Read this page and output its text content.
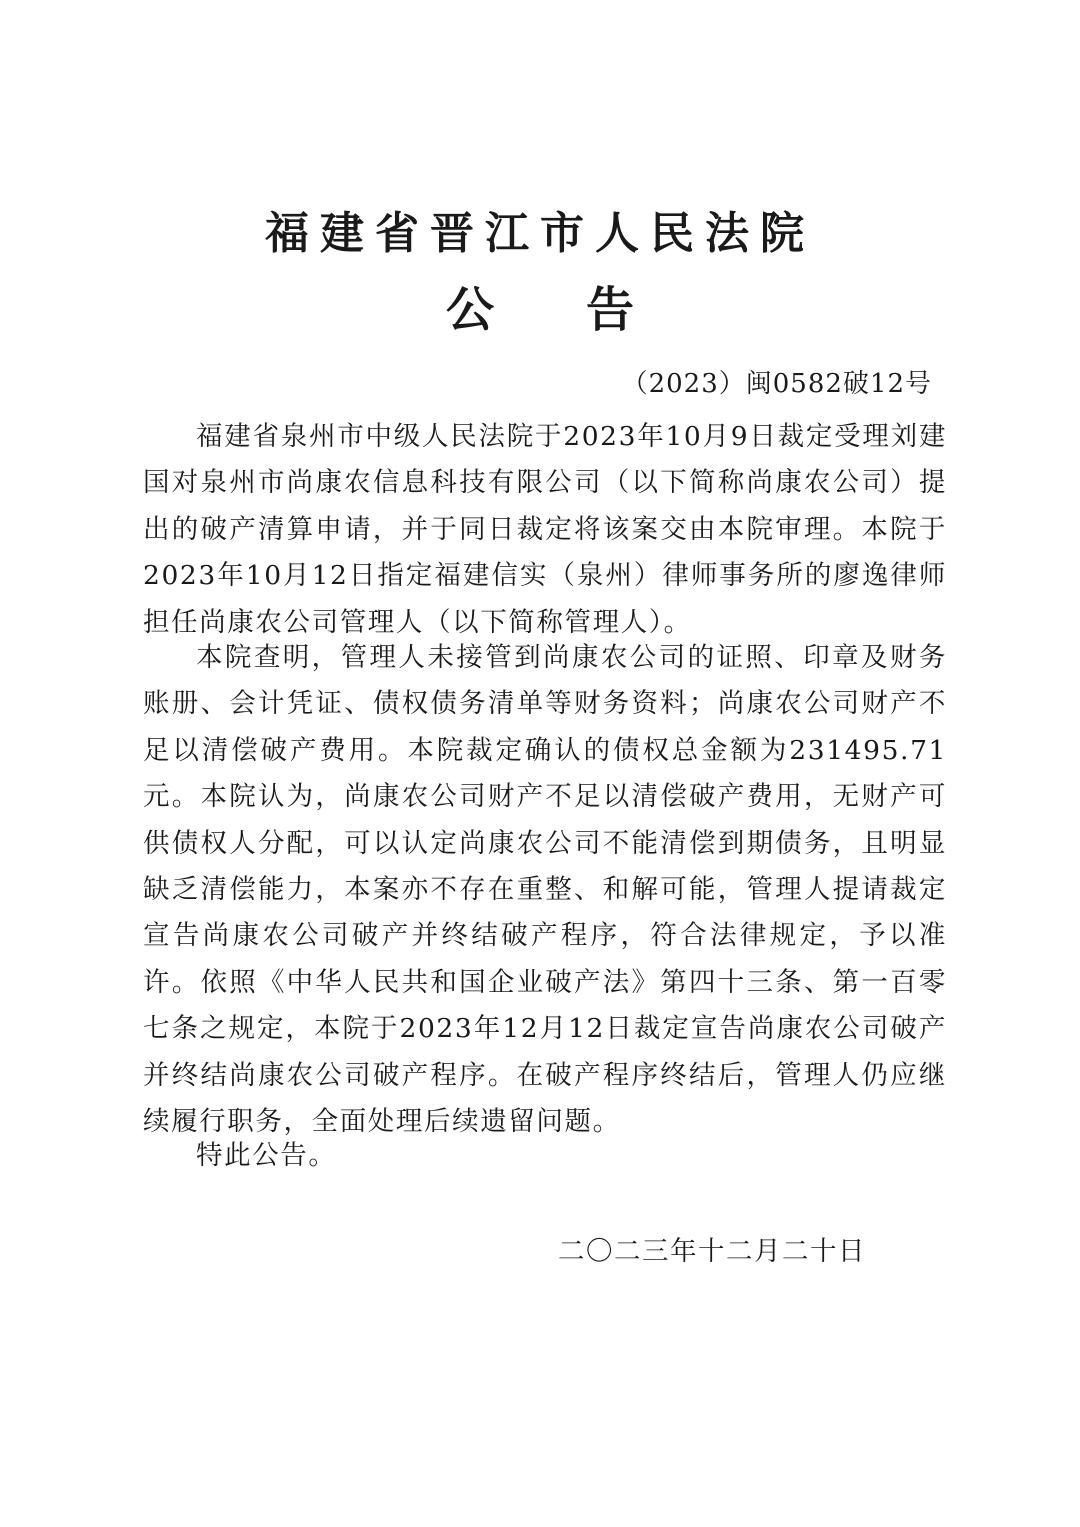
福建省晋江市人民法院
公 告

（2023）闽0582破12号

福建省泉州市中级人民法院于2023年10月9日裁定受理刘建国对泉州市尚康农信息科技有限公司（以下简称尚康农公司）提出的破产清算申请，并于同日裁定将该案交由本院审理。本院于2023年10月12日指定福建信实（泉州）律师事务所的廖逸律师担任尚康农公司管理人（以下简称管理人）。

本院查明，管理人未接管到尚康农公司的证照、印章及财务账册、会计凭证、债权债务清单等财务资料；尚康农公司财产不足以清偿破产费用。本院裁定确认的债权总金额为231495.71元。本院认为，尚康农公司财产不足以清偿破产费用，无财产可供债权人分配，可以认定尚康农公司不能清偿到期债务，且明显缺乏清偿能力，本案亦不存在重整、和解可能，管理人提请裁定宣告尚康农公司破产并终结破产程序，符合法律规定，予以准许。依照《中华人民共和国企业破产法》第四十三条、第一百零七条之规定，本院于2023年12月12日裁定宣告尚康农公司破产并终结尚康农公司破产程序。在破产程序终结后，管理人仍应继续履行职务，全面处理后续遗留问题。

特此公告。

二〇二三年十二月二十日
